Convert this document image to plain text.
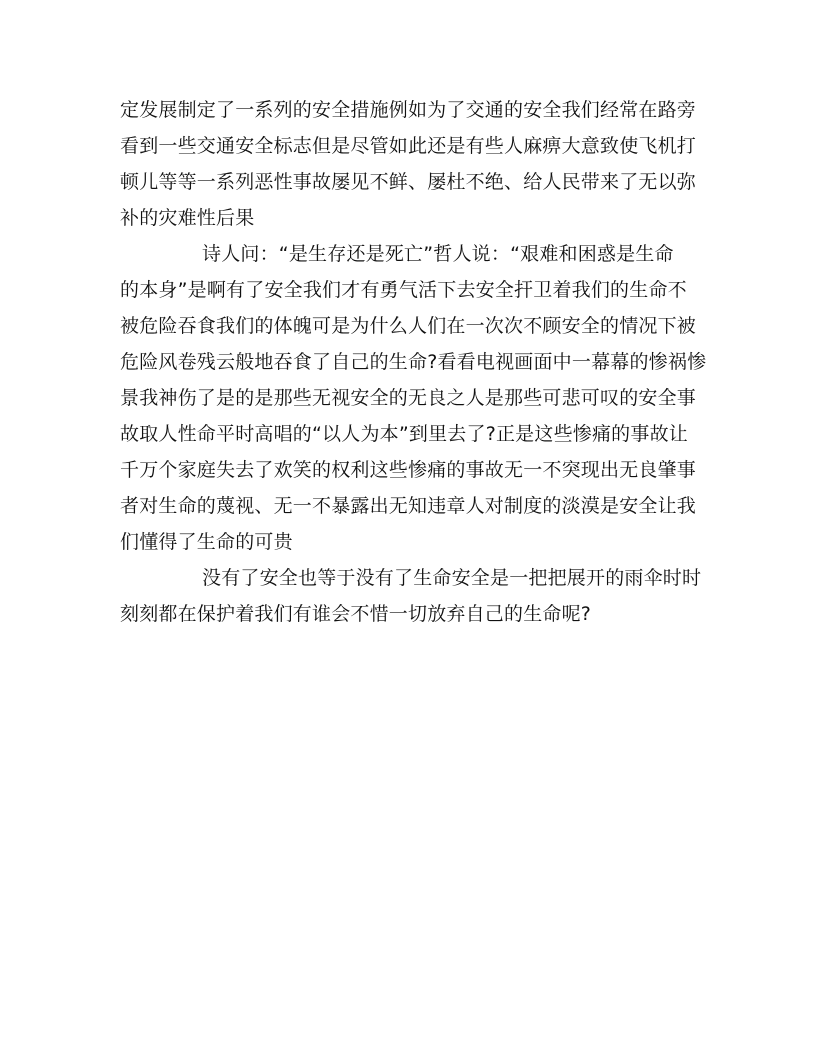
定发展制定了一系列的安全措施例如为了交通的安全我们经常在路旁
看到一些交通安全标志但是尽管如此还是有些人麻痹大意致使飞机打
顿儿等等一系列恶性事故屡见不鲜、屡杜不绝、给人民带来了无以弥
补的灾难性后果
诗人问：“是生存还是死亡”哲人说：“艰难和困惑是生命
的本身”是啊有了安全我们才有勇气活下去安全扞卫着我们的生命不
被危险吞食我们的体魄可是为什么人们在一次次不顾安全的情况下被
危险风卷残云般地吞食了自己的生命?看看电视画面中一幕幕的惨祸惨
景我神伤了是的是那些无视安全的无良之人是那些可悲可叹的安全事
故取人性命平时高唱的“以人为本”到里去了?正是这些惨痛的事故让
千万个家庭失去了欢笑的权利这些惨痛的事故无一不突现出无良肇事
者对生命的蔑视、无一不暴露出无知违章人对制度的淡漠是安全让我
们懂得了生命的可贵
没有了安全也等于没有了生命安全是一把把展开的雨伞时时
刻刻都在保护着我们有谁会不惜一切放弃自己的生命呢?
